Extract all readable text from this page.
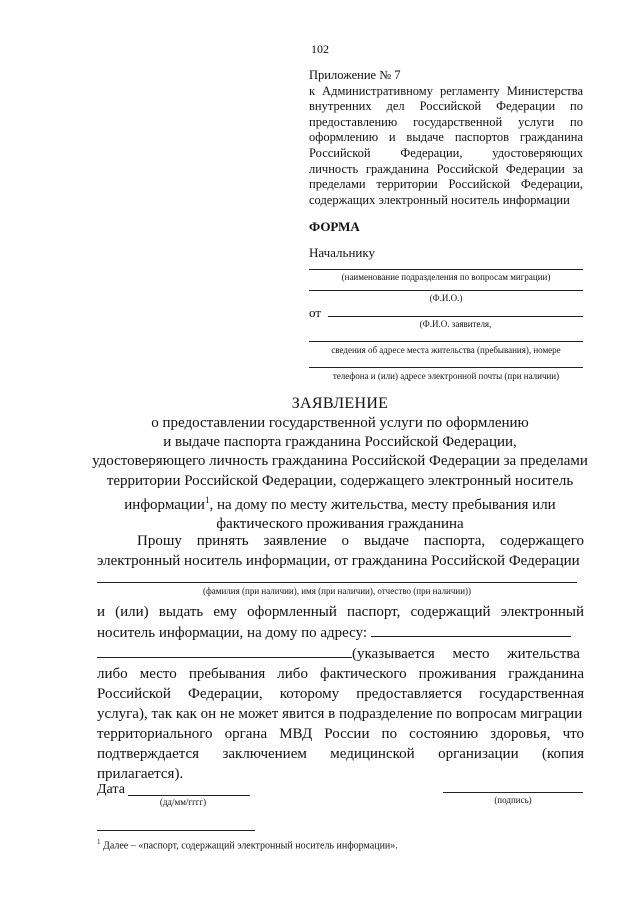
102
Приложение № 7
к Административному регламенту Министерства
внутренних дел Российской Федерации по
предоставлению государственной услуги по
оформлению и выдаче паспортов гражданина
Российской Федерации, удостоверяющих
личность гражданина Российской Федерации за
пределами территории Российской Федерации,
содержащих электронный носитель информации
ФОРМА
Начальнику
(наименование подразделения по вопросам миграции)
(Ф.И.О.)
от
(Ф.И.О. заявителя,
сведения об адресе места жительства (пребывания), номере
телефона и (или) адресе электронной почты (при наличии)
ЗАЯВЛЕНИЕ
о предоставлении государственной услуги по оформлению
и выдаче паспорта гражданина Российской Федерации,
удостоверяющего личность гражданина Российской Федерации за пределами
территории Российской Федерации, содержащего электронный носитель
информации$^1$, на дому по месту жительства, месту пребывания или
фактического проживания гражданина
Прошу принять заявление о выдаче паспорта, содержащего
электронный носитель информации, от гражданина Российской Федерации
(фамилия (при наличии), имя (при наличии), отчество (при наличии))
и (или) выдать ему оформленный паспорт, содержащий электронный
носитель информации, на дому по адресу:
(указывается место жительства
либо место пребывания либо фактического проживания гражданина
Российской Федерации, которому предоставляется государственная
услуга), так как он не может явится в подразделение по вопросам миграции
территориального органа МВД России по состоянию здоровья, что
подтверждается заключением медицинской организации (копия
прилагается).
Дата
(дд/мм/гггг)	(подпись)
$^1$ Далее – «паспорт, содержащий электронный носитель информации».
